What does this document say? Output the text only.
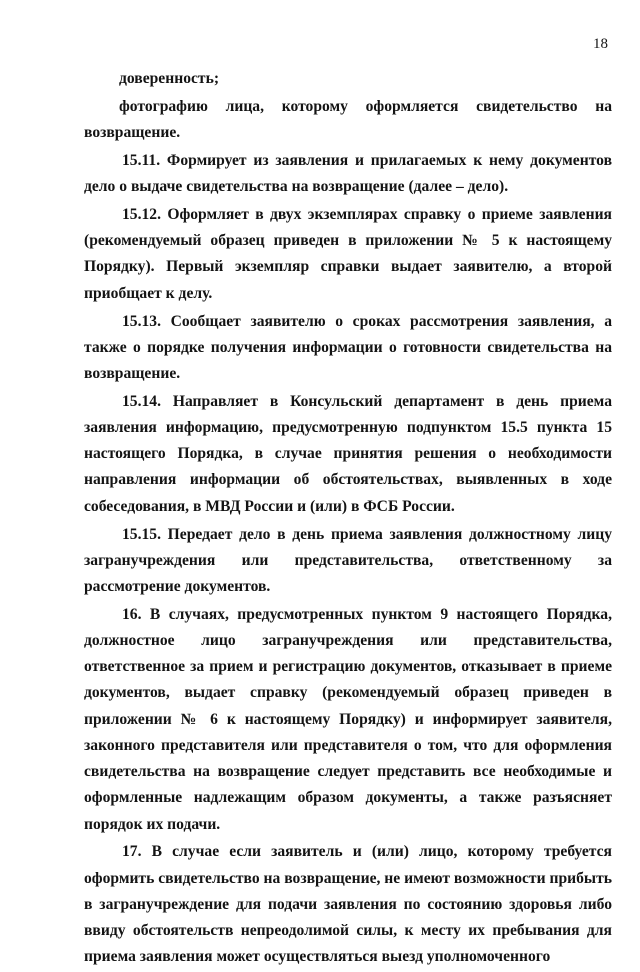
18

доверенность;

фотографию лица, которому оформляется свидетельство на возвращение.

15.11. Формирует из заявления и прилагаемых к нему документов дело о выдаче свидетельства на возвращение (далее – дело).

15.12. Оформляет в двух экземплярах справку о приеме заявления (рекомендуемый образец приведен в приложении № 5 к настоящему Порядку). Первый экземпляр справки выдает заявителю, а второй приобщает к делу.

15.13. Сообщает заявителю о сроках рассмотрения заявления, а также о порядке получения информации о готовности свидетельства на возвращение.

15.14. Направляет в Консульский департамент в день приема заявления информацию, предусмотренную подпунктом 15.5 пункта 15 настоящего Порядка, в случае принятия решения о необходимости направления информации об обстоятельствах, выявленных в ходе собеседования, в МВД России и (или) в ФСБ России.

15.15. Передает дело в день приема заявления должностному лицу загранучреждения или представительства, ответственному за рассмотрение документов.

16. В случаях, предусмотренных пунктом 9 настоящего Порядка, должностное лицо загранучреждения или представительства, ответственное за прием и регистрацию документов, отказывает в приеме документов, выдает справку (рекомендуемый образец приведен в приложении № 6 к настоящему Порядку) и информирует заявителя, законного представителя или представителя о том, что для оформления свидетельства на возвращение следует представить все необходимые и оформленные надлежащим образом документы, а также разъясняет порядок их подачи.

17. В случае если заявитель и (или) лицо, которому требуется оформить свидетельство на возвращение, не имеют возможности прибыть в загранучреждение для подачи заявления по состоянию здоровья либо ввиду обстоятельств непреодолимой силы, к месту их пребывания для приема заявления может осуществляться выезд уполномоченного
